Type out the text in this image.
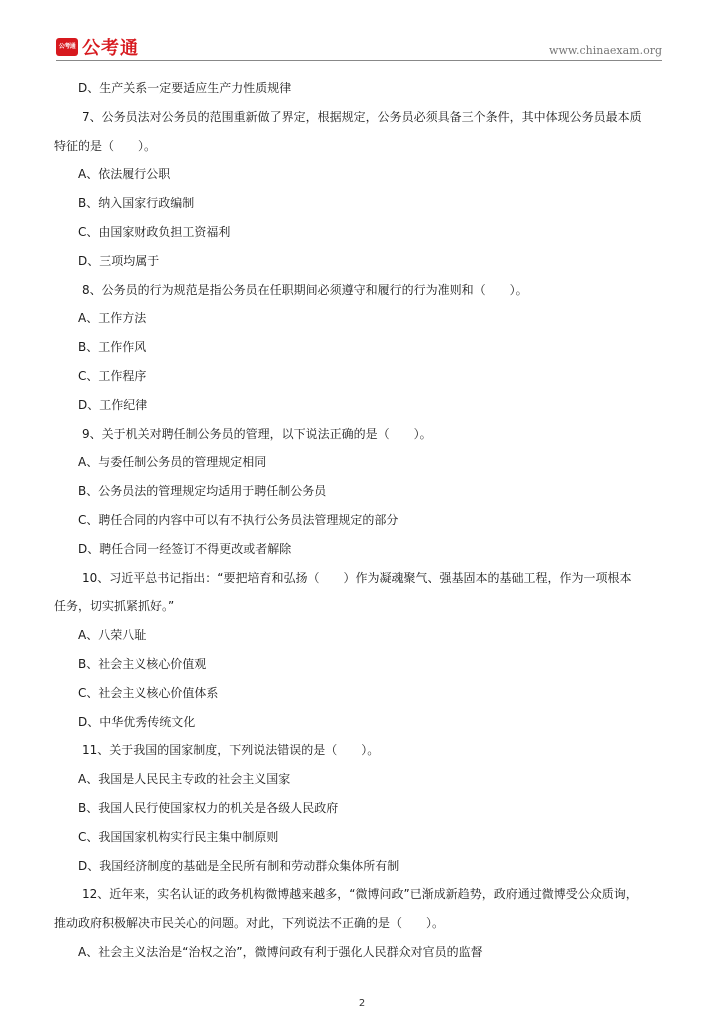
公考通 公考通	www.chinaexam.org
D、生产关系一定要适应生产力性质规律
7、公务员法对公务员的范围重新做了界定，根据规定，公务员必须具备三个条件，其中体现公务员最本质
特征的是（　　）。
A、依法履行公职
B、纳入国家行政编制
C、由国家财政负担工资福利
D、三项均属于
8、公务员的行为规范是指公务员在任职期间必须遵守和履行的行为准则和（　　）。
A、工作方法
B、工作作风
C、工作程序
D、工作纪律
9、关于机关对聘任制公务员的管理，以下说法正确的是（　　）。
A、与委任制公务员的管理规定相同
B、公务员法的管理规定均适用于聘任制公务员
C、聘任合同的内容中可以有不执行公务员法管理规定的部分
D、聘任合同一经签订不得更改或者解除
10、习近平总书记指出：“要把培育和弘扬（　　）作为凝魂聚气、强基固本的基础工程，作为一项根本
任务，切实抓紧抓好。”
A、八荣八耻
B、社会主义核心价值观
C、社会主义核心价值体系
D、中华优秀传统文化
11、关于我国的国家制度，下列说法错误的是（　　）。
A、我国是人民民主专政的社会主义国家
B、我国人民行使国家权力的机关是各级人民政府
C、我国国家机构实行民主集中制原则
D、我国经济制度的基础是全民所有制和劳动群众集体所有制
12、近年来，实名认证的政务机构微博越来越多，“微博问政”已渐成新趋势，政府通过微博受公众质询，
推动政府积极解决市民关心的问题。对此，下列说法不正确的是（　　）。
A、社会主义法治是“治权之治”，微博问政有利于强化人民群众对官员的监督
2
